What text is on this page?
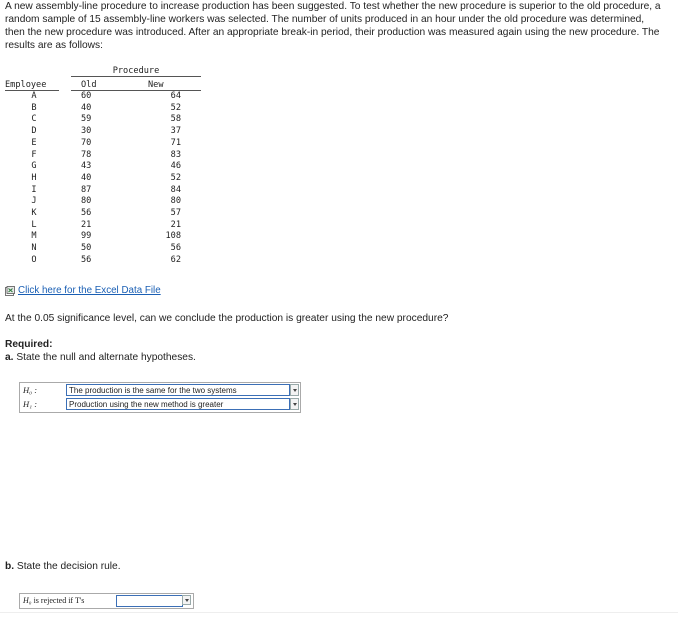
A new assembly-line procedure to increase production has been suggested. To test whether the new procedure is superior to the old procedure, a random sample of 15 assembly-line workers was selected. The number of units produced in an hour under the old procedure was determined, then the new procedure was introduced. After an appropriate break-in period, their production was measured again using the new procedure. The results are as follows:
Procedure
Employee	Old	New
A	60	64
B	40	52
C	59	58
D	30	37
E	70	71
F	78	83
G	43	46
H	40	52
I	87	84
J	80	80
K	56	57
L	21	21
M	99	108
N	50	56
O	56	62
Click here for the Excel Data File
At the 0.05 significance level, can we conclude the production is greater using the new procedure?
Required:
a. State the null and alternate hypotheses.
H₀ :	The production is the same for the two systems
H₁ :	Production using the new method is greater
b. State the decision rule.
H₀ is rejected if T's
